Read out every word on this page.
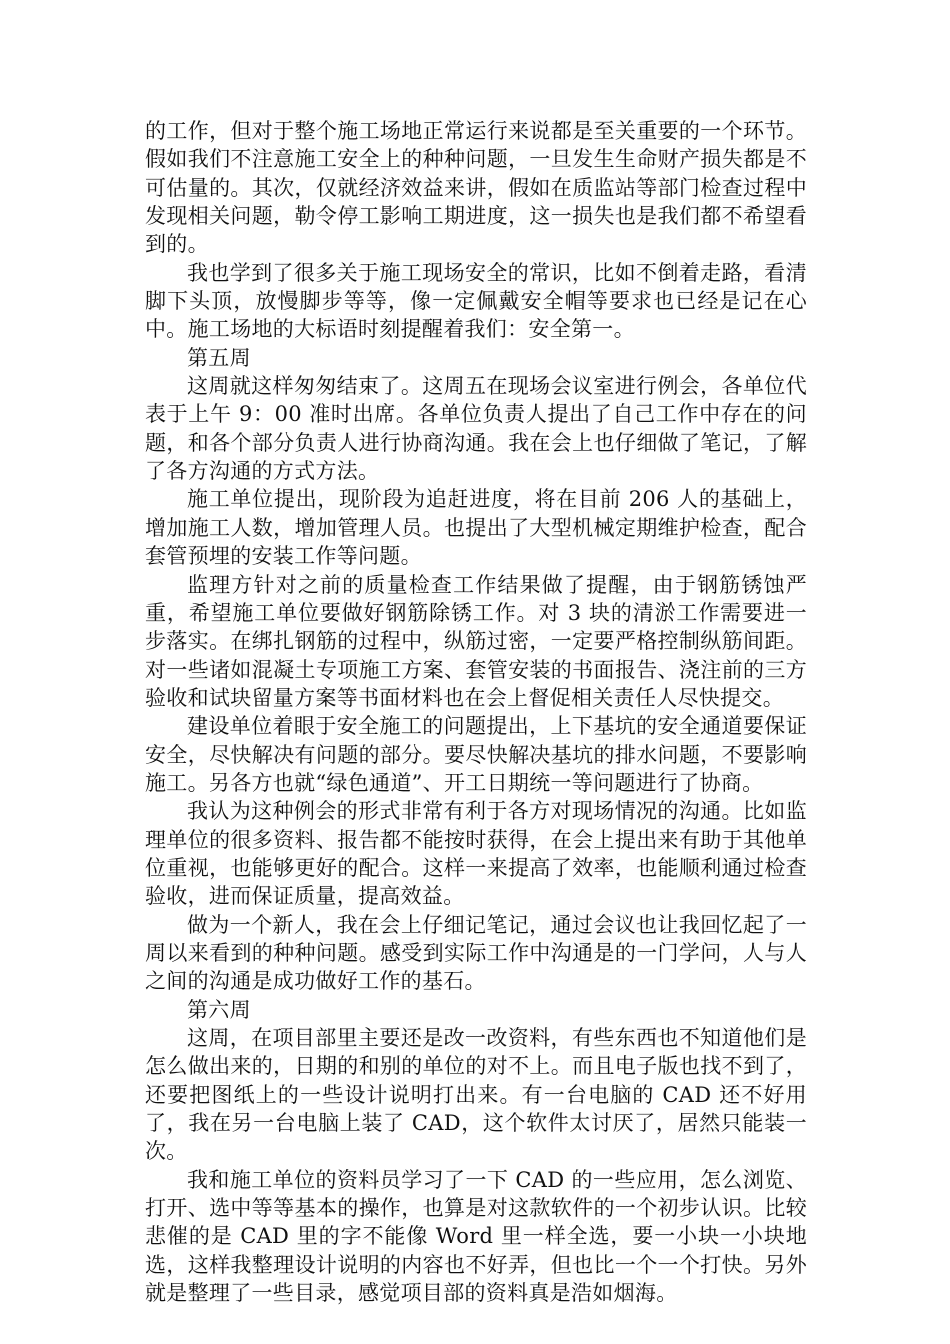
的工作，但对于整个施工场地正常运行来说都是至关重要的一个环节。假如我们不注意施工安全上的种种问题，一旦发生生命财产损失都是不可估量的。其次，仅就经济效益来讲，假如在质监站等部门检查过程中发现相关问题，勒令停工影响工期进度，这一损失也是我们都不希望看到的。

我也学到了很多关于施工现场安全的常识，比如不倒着走路，看清脚下头顶，放慢脚步等等，像一定佩戴安全帽等要求也已经是记在心中。施工场地的大标语时刻提醒着我们：安全第一。

第五周

这周就这样匆匆结束了。这周五在现场会议室进行例会，各单位代表于上午 9：00 准时出席。各单位负责人提出了自己工作中存在的问题，和各个部分负责人进行协商沟通。我在会上也仔细做了笔记，了解了各方沟通的方式方法。

施工单位提出，现阶段为追赶进度，将在目前 206 人的基础上，增加施工人数，增加管理人员。也提出了大型机械定期维护检查，配合套管预埋的安装工作等问题。

监理方针对之前的质量检查工作结果做了提醒，由于钢筋锈蚀严重，希望施工单位要做好钢筋除锈工作。对 3 块的清淤工作需要进一步落实。在绑扎钢筋的过程中，纵筋过密，一定要严格控制纵筋间距。对一些诸如混凝土专项施工方案、套管安装的书面报告、浇注前的三方验收和试块留量方案等书面材料也在会上督促相关责任人尽快提交。

建设单位着眼于安全施工的问题提出，上下基坑的安全通道要保证安全，尽快解决有问题的部分。要尽快解决基坑的排水问题，不要影响施工。另各方也就“绿色通道”、开工日期统一等问题进行了协商。

我认为这种例会的形式非常有利于各方对现场情况的沟通。比如监理单位的很多资料、报告都不能按时获得，在会上提出来有助于其他单位重视，也能够更好的配合。这样一来提高了效率，也能顺利通过检查验收，进而保证质量，提高效益。

做为一个新人，我在会上仔细记笔记，通过会议也让我回忆起了一周以来看到的种种问题。感受到实际工作中沟通是的一门学问，人与人之间的沟通是成功做好工作的基石。

第六周

这周，在项目部里主要还是改一改资料，有些东西也不知道他们是怎么做出来的，日期的和别的单位的对不上。而且电子版也找不到了，还要把图纸上的一些设计说明打出来。有一台电脑的 CAD 还不好用了，我在另一台电脑上装了 CAD，这个软件太讨厌了，居然只能装一次。

我和施工单位的资料员学习了一下 CAD 的一些应用，怎么浏览、打开、选中等等基本的操作，也算是对这款软件的一个初步认识。比较悲催的是 CAD 里的字不能像 Word 里一样全选，要一小块一小块地选，这样我整理设计说明的内容也不好弄，但也比一个一个打快。另外就是整理了一些目录，感觉项目部的资料真是浩如烟海。
